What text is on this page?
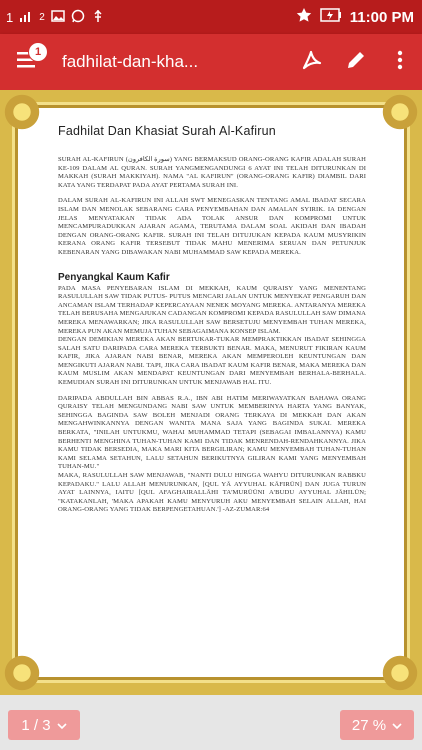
1	2	11:00 PM
1	fadhilat-dan-kha...
Fadhilat Dan Khasiat Surah Al-Kafirun

SURAH AL-KAFIRUN (سورة الكافرون) YANG BERMAKSUD ORANG-ORANG KAFIR ADALAH SURAH KE-109 DALAM AL QURAN. SURAH YANGMENGANDUNGI 6 AYAT INI TELAH DITURUNKAN DI MAKKAH (SURAH MAKKIYAH). NAMA "AL KAFIRUN" (ORANG-ORANG KAFIR) DIAMBIL DARI KATA YANG TERDAPAT PADA AYAT PERTAMA SURAH INI.

DALAM SURAH AL-KAFIRUN INI ALLAH SWT MENEGASKAN TENTANG AMAL IBADAT SECARA ISLAM DAN MENOLAK SEBARANG CARA PENYEMBAHAN DAN AMALAN SYIRIK. IA DENGAN JELAS MENYATAKAN TIDAK ADA TOLAK ANSUR DAN KOMPROMI UNTUK MENCAMPURADUKKAN AJARAN AGAMA, TERUTAMA DALAM SOAL AKIDAH DAN IBADAH DENGAN ORANG-ORANG KAFIR. SURAH INI TELAH DITUJUKAN KEPADA KAUM MUSYRIKIN KERANA ORANG KAFIR TERSEBUT TIDAK MAHU MENERIMA SERUAN DAN PETUNJUK KEBENARAN YANG DIBAWAKAN NABI MUHAMMAD SAW KEPADA MEREKA.

Penyangkal Kaum Kafir

PADA MASA PENYEBARAN ISLAM DI MEKKAH, KAUM QURAISY YANG MENENTANG RASULULLAH SAW TIDAK PUTUS- PUTUS MENCARI JALAN UNTUK MENYEKAT PENGARUH DAN ANCAMAN ISLAM TERHADAP KEPERCAYAAN NENEK MOYANG MEREKA. ANTARANYA MEREKA TELAH BERUSAHA MENGAJUKAN CADANGAN KOMPROMI KEPADA RASULULLAH SAW DIMANA MEREKA MENAWARKAN; JIKA RASULULLAH SAW BERSETUJU MENYEMBAH TUHAN MEREKA, MEREKA PUN AKAN MEMUJA TUHAN SEBAGAIMANA KONSEP ISLAM.

DENGAN DEMIKIAN MEREKA AKAN BERTUKAR-TUKAR MEMPRAKTIKKAN IBADAT SEHINGGA SALAH SATU DARIPADA CARA MEREKA TERBUKTI BENAR. MAKA, MENURUT FIKIRAN KAUM KAFIR, JIKA AJARAN NABI BENAR, MEREKA AKAN MEMPEROLEH KEUNTUNGAN DAN MENGIKUTI AJARAN NABI. TAPI, JIKA CARA IBADAT KAUM KAFIR BENAR, MAKA MEREKA DAN KAUM MUSLIM AKAN MENDAPAT KEUNTUNGAN DARI MENYEMBAH BERHALA-BERHALA. KEMUDIAN SURAH INI DITURUNKAN UNTUK MENJAWAB HAL ITU.

DARIPADA ABDULLAH BIN ABBAS R.A., IBN ABI HATIM MERIWAYATKAN BAHAWA ORANG QURAISY TELAH MENGUNDANG NABI SAW UNTUK MEMBERINYA HARTA YANG BANYAK, SEHINGGA BAGINDA SAW BOLEH MENJADI ORANG TERKAYA DI MEKKAH DAN AKAN MENGAHWINKANNYA DENGAN WANITA MANA SAJA YANG BAGINDA SUKAI. MEREKA BERKATA, "INILAH UNTUKMU, WAHAI MUHAMMAD TETAPI (SEBAGAI IMBALANNYA) KAMU BERHENTI MENGHINA TUHAN-TUHAN KAMI DAN TIDAK MENRENDAH-RENDAHKANNYA. JIKA KAMU TIDAK BERSEDIA, MAKA MARI KITA BERGILIRAN; KAMU MENYEMBAH TUHAN-TUHAN KAMI SELAMA SETAHUN, LALU SETAHUN BERIKUTNYA GILIRAN KAMI YANG MENYEMBAH TUHAN-MU."

MAKA, RASULULLAH SAW MENJAWAB, "NANTI DULU HINGGA WAHYU DITURUNKAN RABBKU KEPADAKU." LALU ALLAH MENURUNKAN, [QUL YĀ AYYUHAL KĀFIRŪN] DAN JUGA TURUN AYAT LAINNYA, IAITU [QUL AFAGHAIRALLĀHI TA'MURŪŪNI A'BUDU AYYUHAL JĀHILŪN; "KATAKANLAH, 'MAKA APAKAH KAMU MENYURUH AKU MENYEMBAH SELAIN ALLAH, HAI ORANG-ORANG YANG TIDAK BERPENGETAHUAN.'] -AZ-ZUMAR:64

1 / 3	27 %
